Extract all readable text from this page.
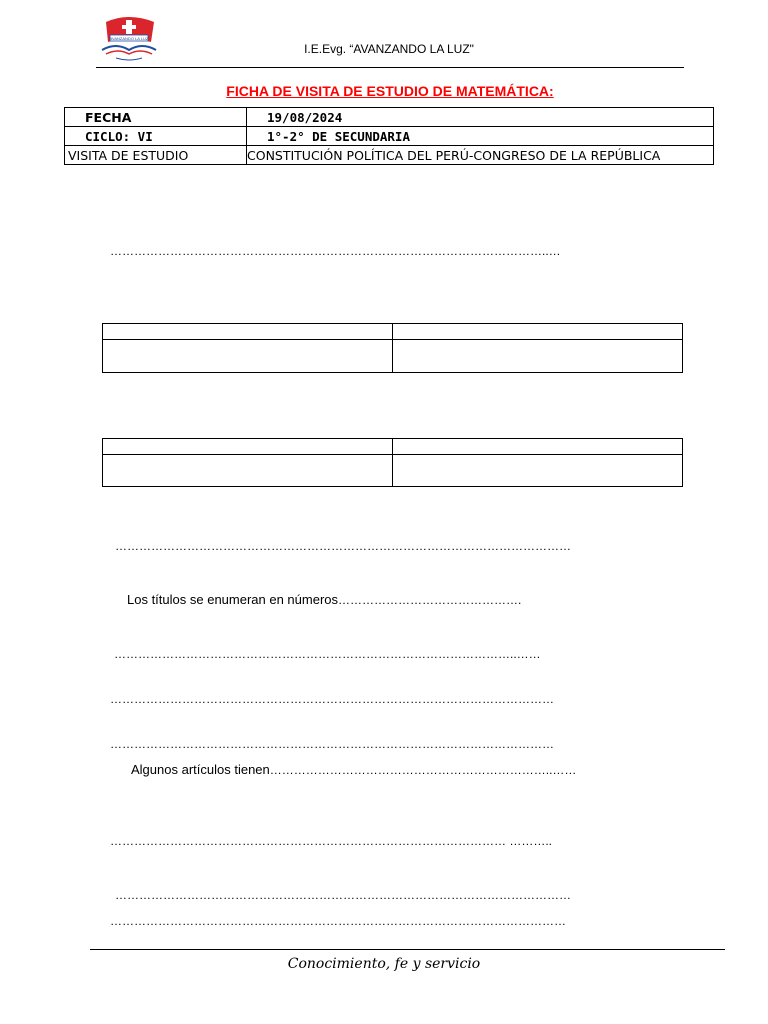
AVANZANDO LA LUZ
I.E.Evg. “AVANZANDO LA LUZ"
FICHA DE VISITA DE ESTUDIO DE MATEMÁTICA:
FECHA	19/08/2024
CICLO: VI	1°-2° DE SECUNDARIA
VISITA DE ESTUDIO	CONSTITUCIÓN POLÍTICA DEL PERÚ-CONGRESO DE LA REPÚBLICA
………………………………………………………………………………………………..…

……………………………………………………………………………………………………
Los títulos se enumeran en números……………………………………….
………………………………………………………………………………………..……
…………………………………………………………………………………………………
…………………………………………………………………………………………………
Algunos artículos tienen……………………………………………………………..……
……………………………………………………………………………………… ………..
……………………………………………………………………………………………………
……………………………………………………………………………………………………
Conocimiento, fe y servicio
